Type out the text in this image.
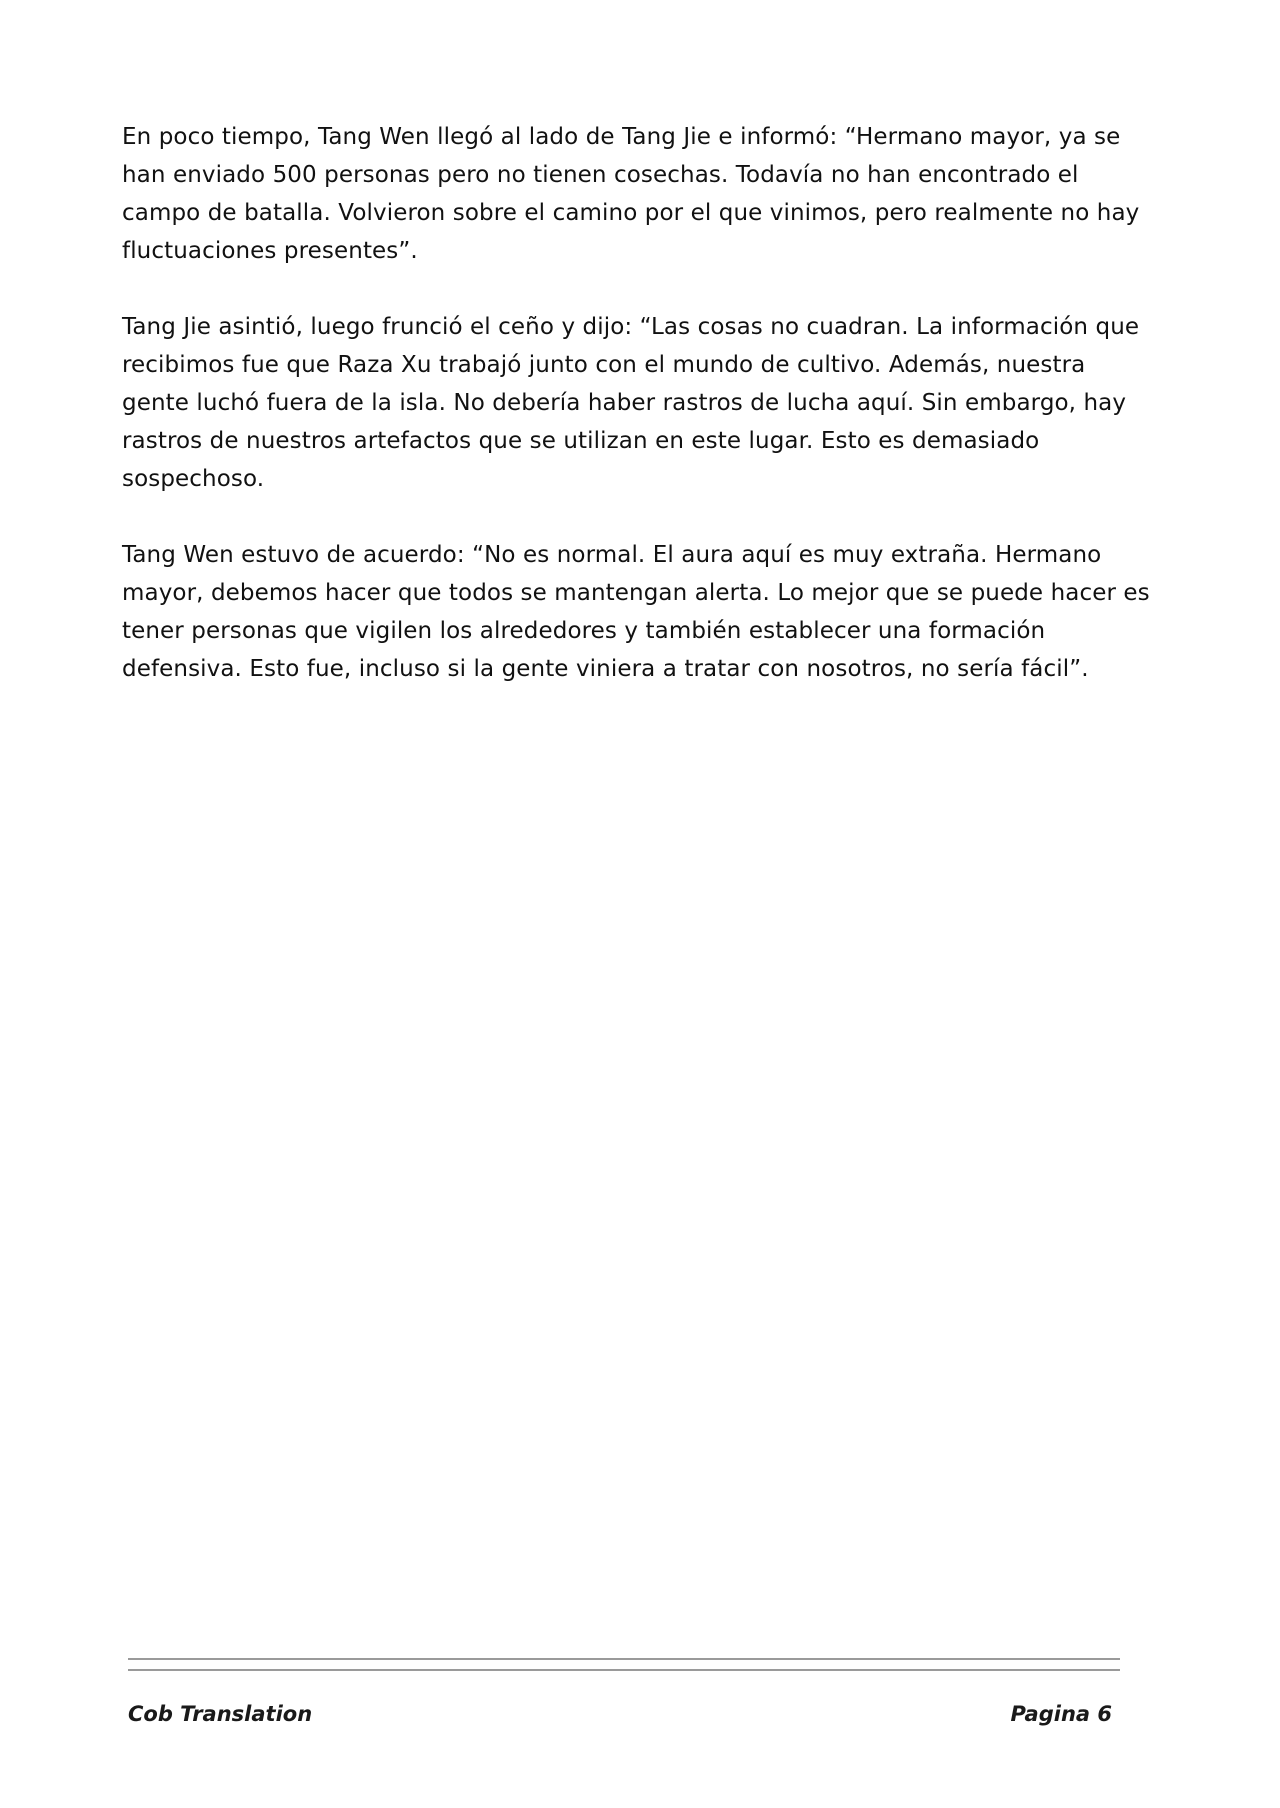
En poco tiempo, Tang Wen llegó al lado de Tang Jie e informó: “Hermano mayor, ya se han enviado 500 personas pero no tienen cosechas. Todavía no han encontrado el campo de batalla. Volvieron sobre el camino por el que vinimos, pero realmente no hay fluctuaciones presentes”.

Tang Jie asintió, luego frunció el ceño y dijo: “Las cosas no cuadran. La información que recibimos fue que Raza Xu trabajó junto con el mundo de cultivo. Además, nuestra gente luchó fuera de la isla. No debería haber rastros de lucha aquí. Sin embargo, hay rastros de nuestros artefactos que se utilizan en este lugar. Esto es demasiado sospechoso.

Tang Wen estuvo de acuerdo: “No es normal. El aura aquí es muy extraña. Hermano mayor, debemos hacer que todos se mantengan alerta. Lo mejor que se puede hacer es tener personas que vigilen los alrededores y también establecer una formación defensiva. Esto fue, incluso si la gente viniera a tratar con nosotros, no sería fácil”.

Cob Translation	Pagina 6
